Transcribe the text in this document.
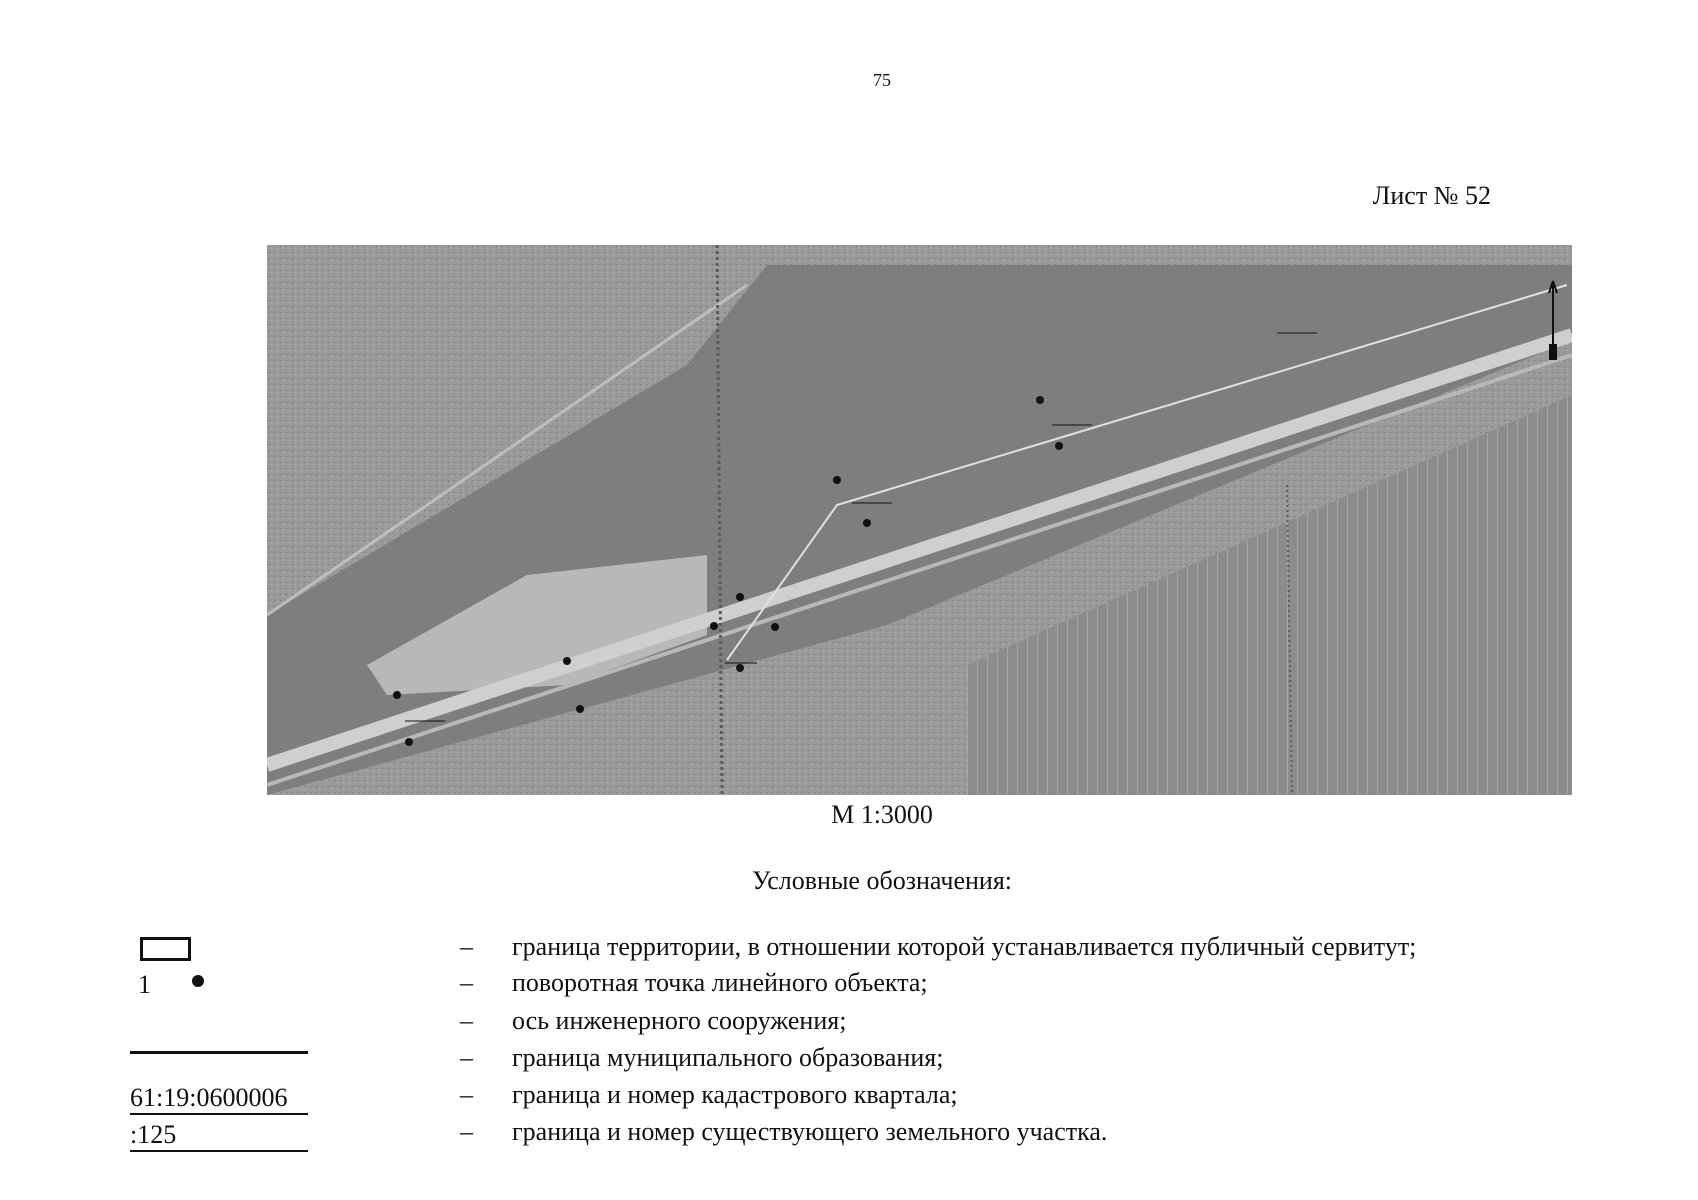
75
Лист № 52
М 1:3000
Условные обозначения:
1
61:19:0600006
:125
– граница территории, в отношении которой устанавливается публичный сервитут;
– поворотная точка линейного объекта;
– ось инженерного сооружения;
– граница муниципального образования;
– граница и номер кадастрового квартала;
– граница и номер существующего земельного участка.
